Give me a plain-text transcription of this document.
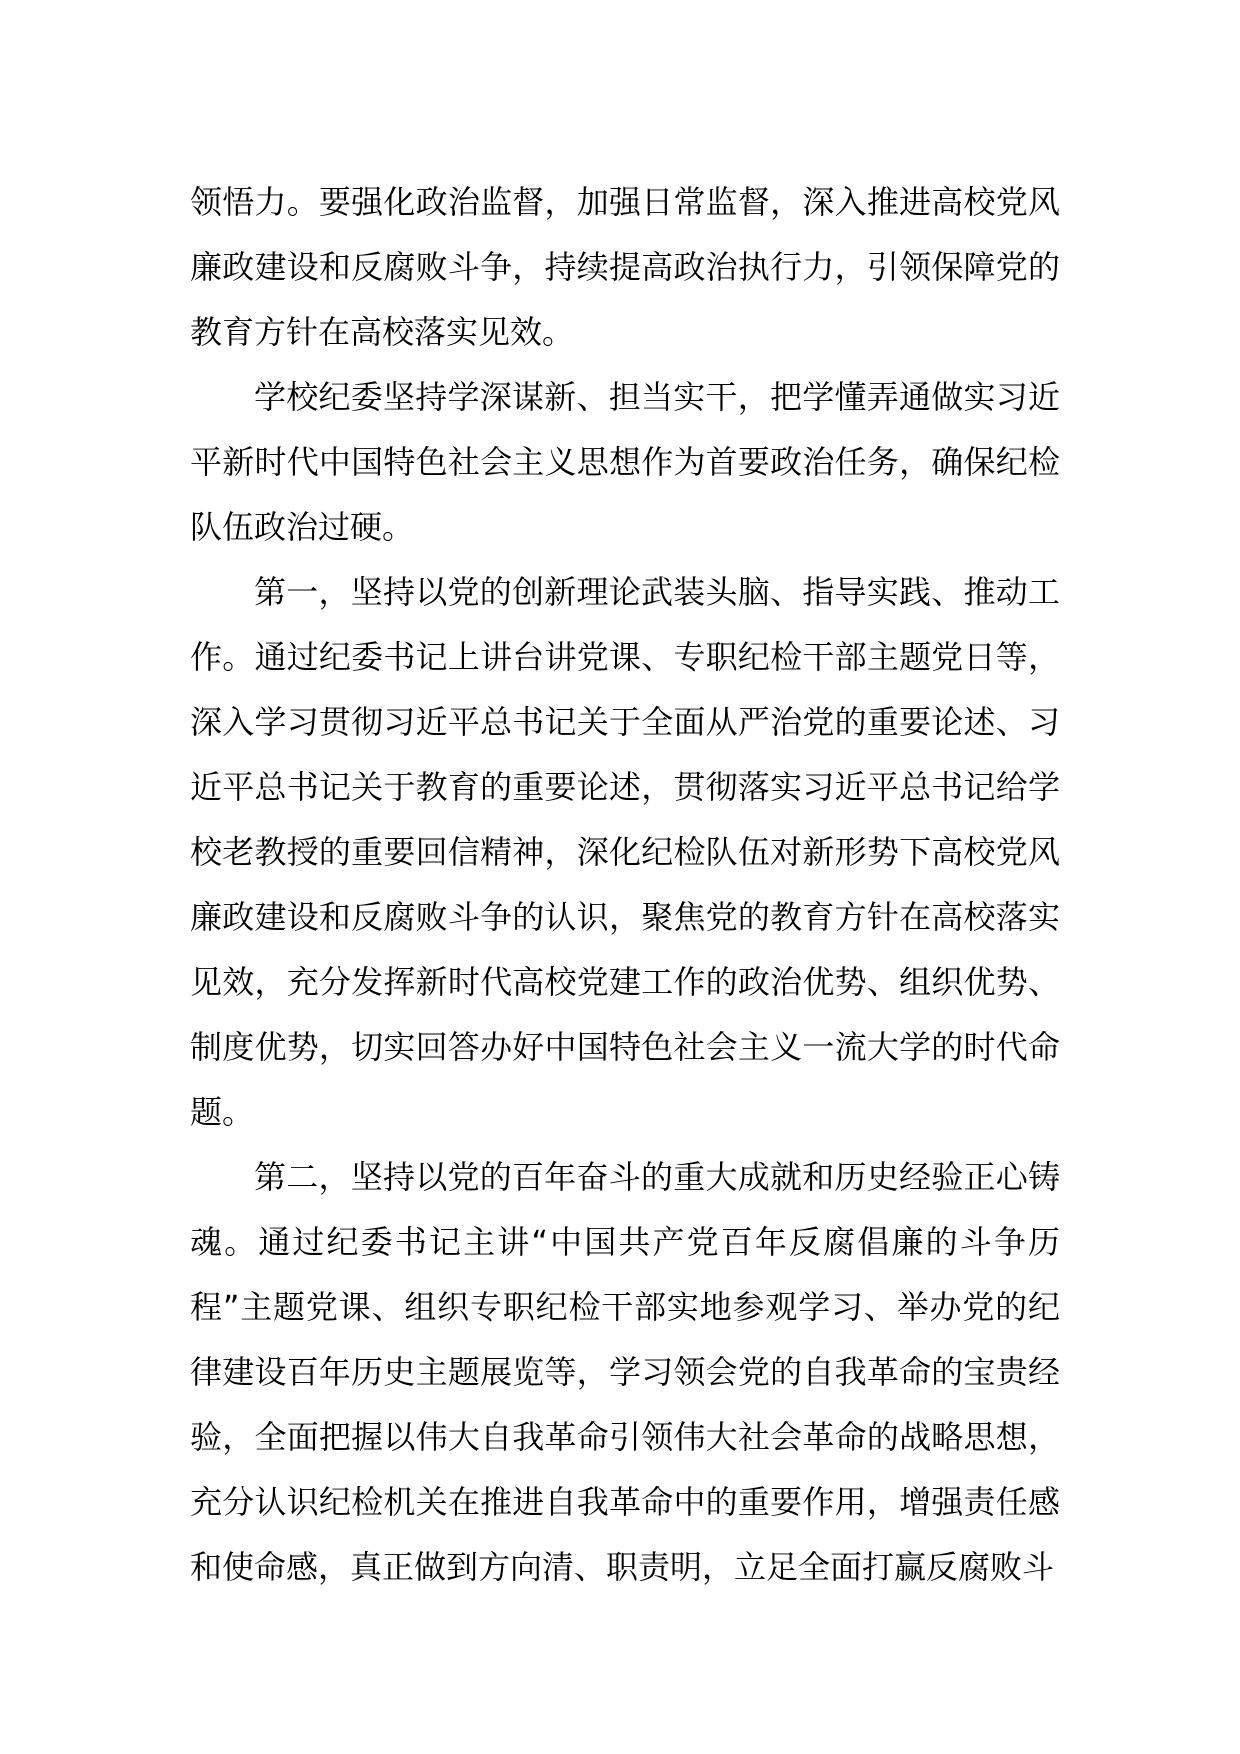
领悟力。要强化政治监督，加强日常监督，深入推进高校党风廉政建设和反腐败斗争，持续提高政治执行力，引领保障党的教育方针在高校落实见效。

学校纪委坚持学深谋新、担当实干，把学懂弄通做实习近平新时代中国特色社会主义思想作为首要政治任务，确保纪检队伍政治过硬。

第一，坚持以党的创新理论武装头脑、指导实践、推动工作。通过纪委书记上讲台讲党课、专职纪检干部主题党日等，深入学习贯彻习近平总书记关于全面从严治党的重要论述、习近平总书记关于教育的重要论述，贯彻落实习近平总书记给学校老教授的重要回信精神，深化纪检队伍对新形势下高校党风廉政建设和反腐败斗争的认识，聚焦党的教育方针在高校落实见效，充分发挥新时代高校党建工作的政治优势、组织优势、制度优势，切实回答办好中国特色社会主义一流大学的时代命题。

第二，坚持以党的百年奋斗的重大成就和历史经验正心铸魂。通过纪委书记主讲“中国共产党百年反腐倡廉的斗争历程”主题党课、组织专职纪检干部实地参观学习、举办党的纪律建设百年历史主题展览等，学习领会党的自我革命的宝贵经验，全面把握以伟大自我革命引领伟大社会革命的战略思想，充分认识纪检机关在推进自我革命中的重要作用，增强责任感和使命感，真正做到方向清、职责明，立足全面打赢反腐败斗
